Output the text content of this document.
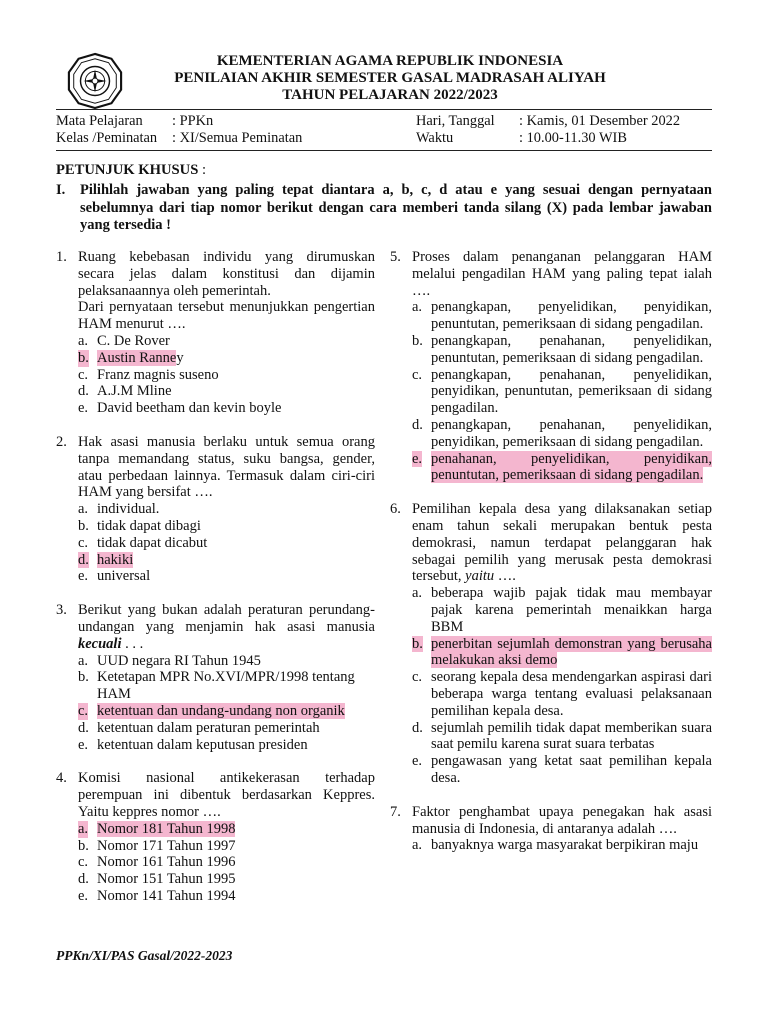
KEMENTERIAN AGAMA REPUBLIK INDONESIA
PENILAIAN AKHIR SEMESTER GASAL MADRASAH ALIYAH
TAHUN PELAJARAN 2022/2023
Mata Pelajaran : PPKn
Kelas /Peminatan : XI/Semua Peminatan
Hari, Tanggal : Kamis, 01 Desember 2022
Waktu	: 10.00-11.30 WIB
PETUNJUK KHUSUS :
I. Pilihlah jawaban yang paling tepat diantara a, b, c, d atau e yang sesuai dengan pernyataan sebelumnya dari tiap nomor berikut dengan cara memberi tanda silang (X) pada lembar jawaban yang tersedia !
1. Ruang kebebasan individu yang dirumuskan secara jelas dalam konstitusi dan dijamin pelaksanaannya oleh pemerintah.
Dari pernyataan tersebut menunjukkan pengertian HAM menurut ….
a. C. De Rover
b. Austin Ranney
c. Franz magnis suseno
d. A.J.M Mline
e. David beetham dan kevin boyle
2. Hak asasi manusia berlaku untuk semua orang tanpa memandang status, suku bangsa, gender, atau perbedaan lainnya. Termasuk dalam ciri-ciri HAM yang bersifat ….
a. individual.
b. tidak dapat dibagi
c. tidak dapat dicabut
d. hakiki
e. universal
3. Berikut yang bukan adalah peraturan perundang-undangan yang menjamin hak asasi manusia kecuali . . .
a. UUD negara RI Tahun 1945
b. Ketetapan MPR No.XVI/MPR/1998 tentang HAM
c. ketentuan dan undang-undang non organik
d. ketentuan dalam peraturan pemerintah
e. ketentuan dalam keputusan presiden
4. Komisi nasional antikekerasan terhadap perempuan ini dibentuk berdasarkan Keppres. Yaitu keppres nomor ….
a. Nomor 181 Tahun 1998
b. Nomor 171 Tahun 1997
c. Nomor 161 Tahun 1996
d. Nomor 151 Tahun 1995
e. Nomor 141 Tahun 1994
5. Proses dalam penanganan pelanggaran HAM melalui pengadilan HAM yang paling tepat ialah ….
a. penangkapan, penyelidikan, penyidikan, penuntutan, pemeriksaan di sidang pengadilan.
b. penangkapan, penahanan, penyelidikan, penuntutan, pemeriksaan di sidang pengadilan.
c. penangkapan, penahanan, penyelidikan, penyidikan, penuntutan, pemeriksaan di sidang pengadilan.
d. penangkapan, penahanan, penyelidikan, penyidikan, pemeriksaan di sidang pengadilan.
e. penahanan, penyelidikan, penyidikan, penuntutan, pemeriksaan di sidang pengadilan.
6. Pemilihan kepala desa yang dilaksanakan setiap enam tahun sekali merupakan bentuk pesta demokrasi, namun terdapat pelanggaran hak sebagai pemilih yang merusak pesta demokrasi tersebut, yaitu ….
a. beberapa wajib pajak tidak mau membayar pajak karena pemerintah menaikkan harga BBM
b. penerbitan sejumlah demonstran yang berusaha melakukan aksi demo
c. seorang kepala desa mendengarkan aspirasi dari beberapa warga tentang evaluasi pelaksanaan pemilihan kepala desa.
d. sejumlah pemilih tidak dapat memberikan suara saat pemilu karena surat suara terbatas
e. pengawasan yang ketat saat pemilihan kepala desa.
7. Faktor penghambat upaya penegakan hak asasi manusia di Indonesia, di antaranya adalah ….
a. banyaknya warga masyarakat berpikiran maju
PPKn/XI/PAS Gasal/2022-2023
